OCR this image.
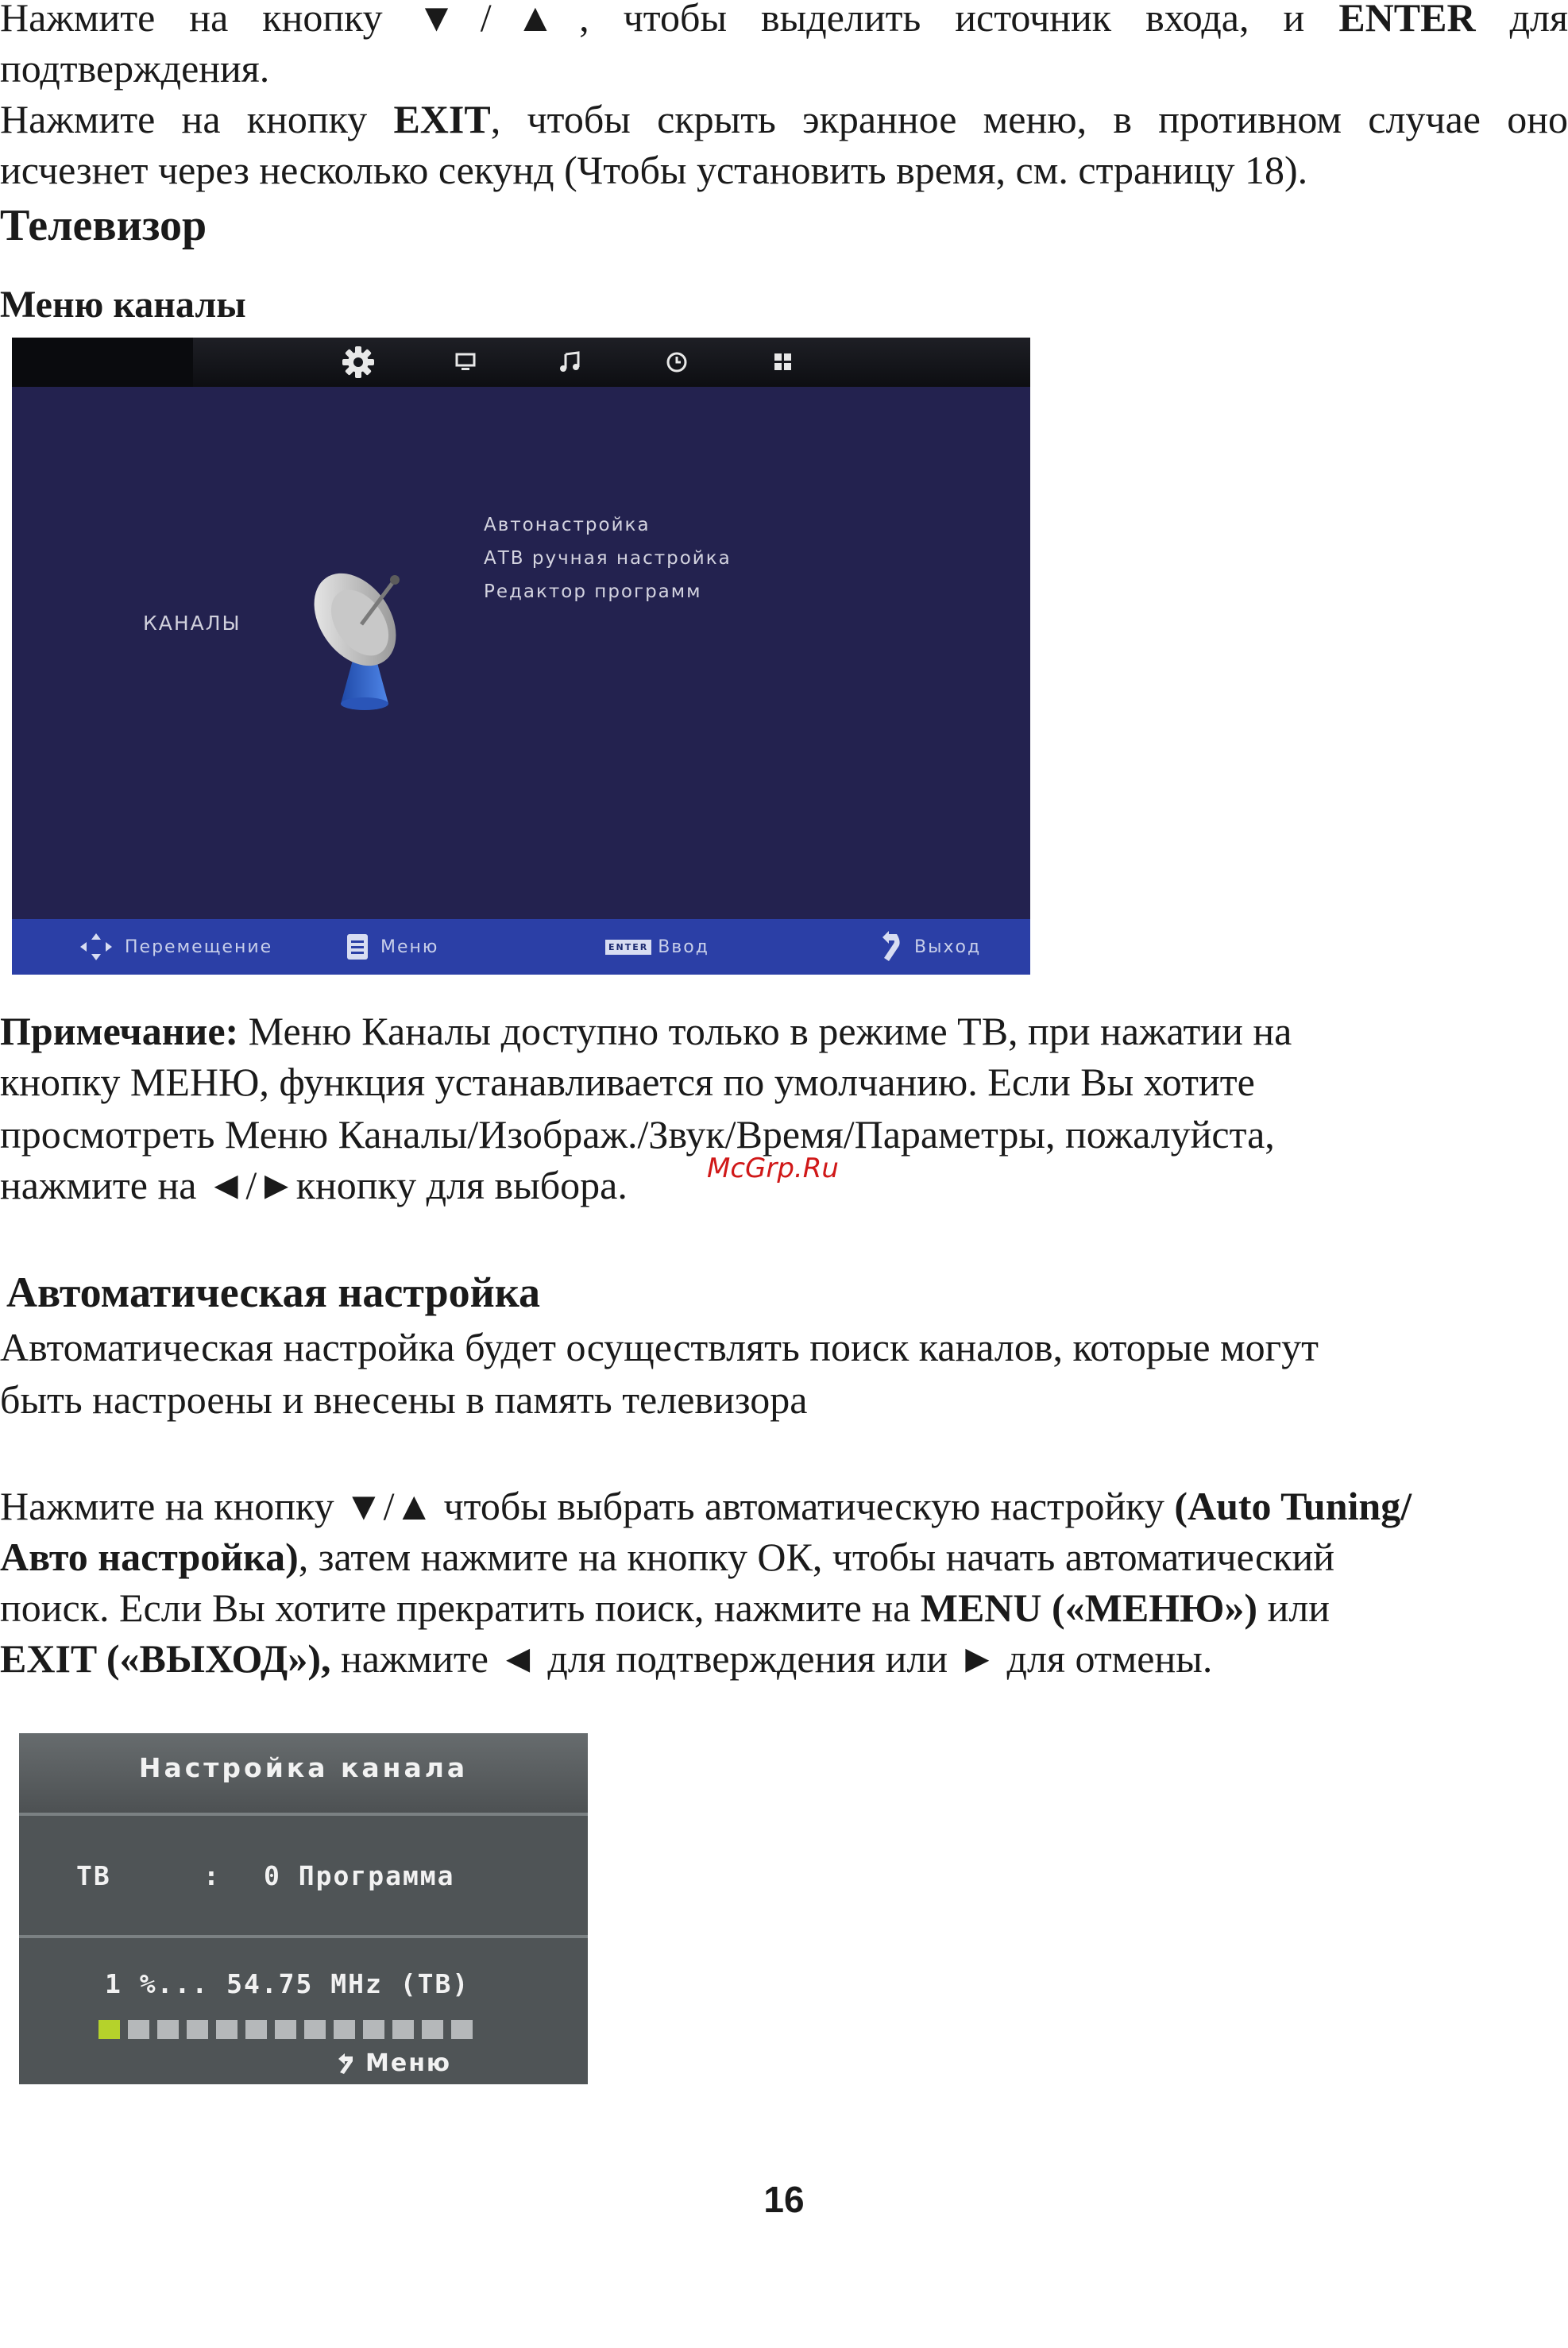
Нажмите на кнопку ▼/▲, чтобы выделить источник входа, и ENTER для

подтверждения.

Нажмите на кнопку EXIT, чтобы скрыть экранное меню, в противном случае оно

исчезнет через несколько секунд (Чтобы установить время, см. страницу 18).

Телевизор
Меню каналы
КАНАЛЫ
Автонастройка
АТВ ручная настройка
Редактор программ
Перемещение	Меню	ENTER Ввод	Выход

Примечание: Меню Каналы доступно только в режиме ТВ, при нажатии на

кнопку МЕНЮ, функция устанавливается по умолчанию. Если Вы хотите

просмотреть Меню Каналы/Изображ./Звук/Время/Параметры, пожалуйста,

нажмите на ◄/►кнопку для выбора.	McGrp.Ru
Автоматическая настройка

Автоматическая настройка будет осуществлять поиск каналов, которые могут

быть настроены и внесены в память телевизора

Нажмите на кнопку ▼/▲ чтобы выбрать автоматическую настройку (Auto Tuning/

Авто настройка), затем нажмите на кнопку ОК, чтобы начать автоматический

поиск. Если Вы хотите прекратить поиск, нажмите на MENU («МЕНЮ») или

EXIT («ВЫХОД»), нажмите ◄ для подтверждения или ► для отмены.

Настройка канала
ТВ	: 0 Программа
1 %... 54.75 MHz (ТВ)
Меню
16
